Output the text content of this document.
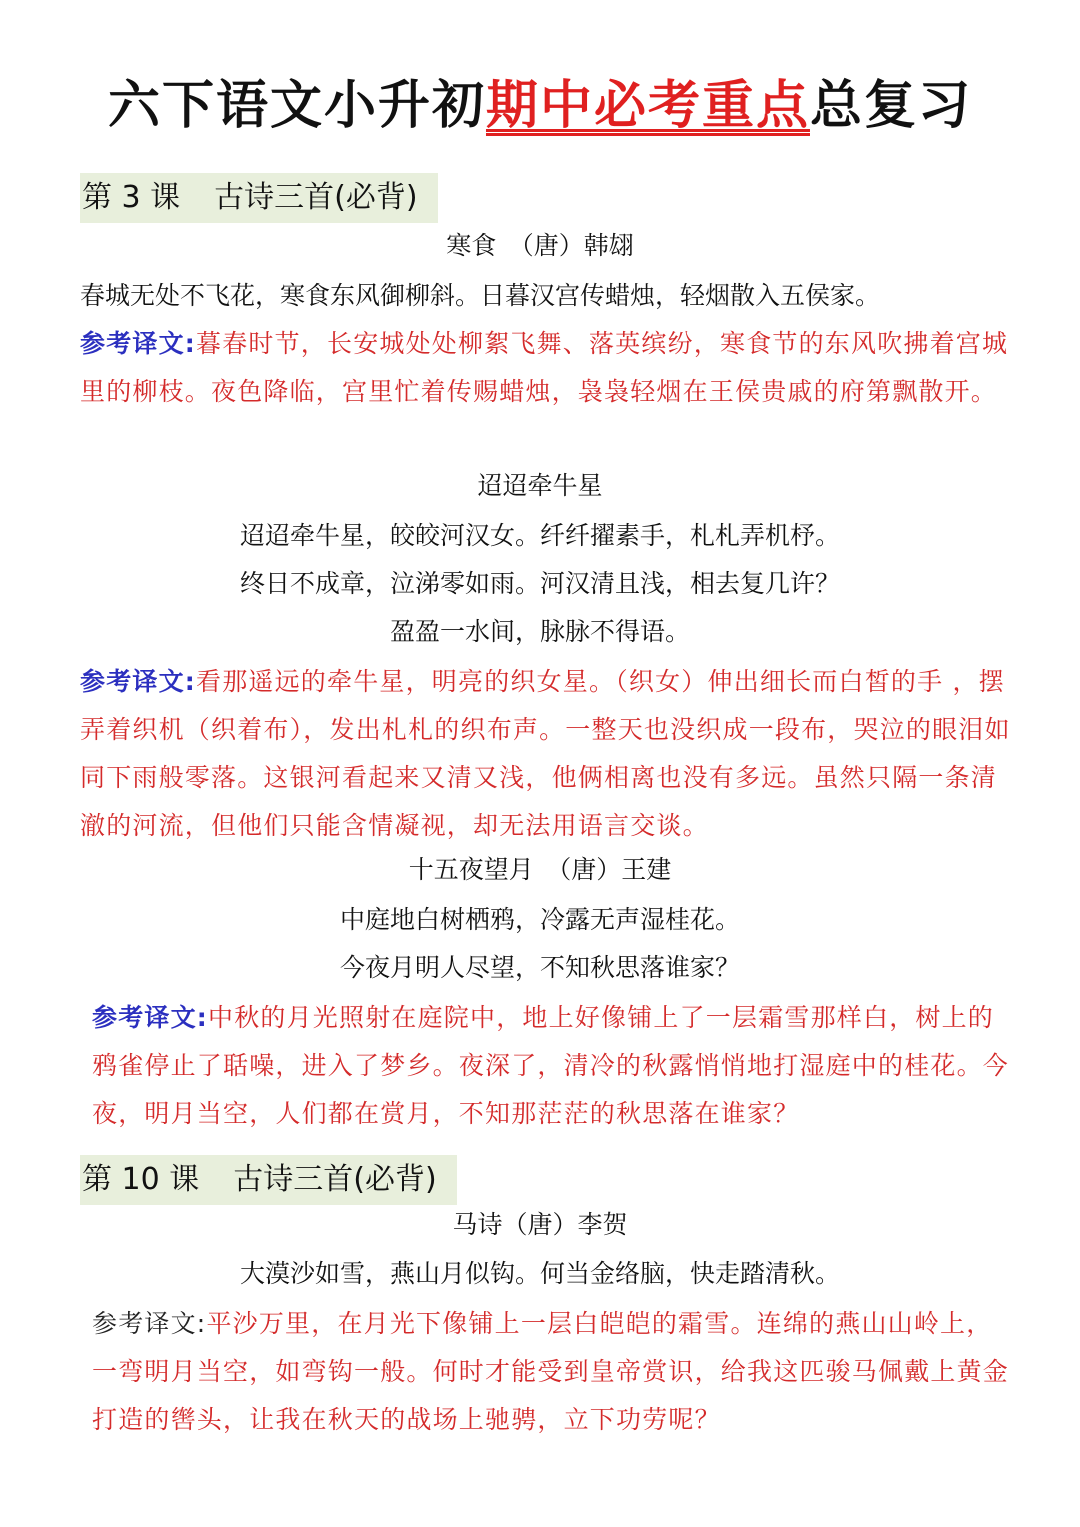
六下语文小升初期中必考重点总复习
第 3 课 古诗三首(必背)
寒食　（唐）韩翃
春城无处不飞花，寒食东风御柳斜。日暮汉宫传蜡烛，轻烟散入五侯家。
参考译文:暮春时节，长安城处处柳絮飞舞、落英缤纷，寒食节的东风吹拂着宫城里的柳枝。夜色降临，宫里忙着传赐蜡烛，袅袅轻烟在王侯贵戚的府第飘散开。
迢迢牵牛星
迢迢牵牛星，皎皎河汉女。纤纤擢素手，札札弄机杼。
终日不成章，泣涕零如雨。河汉清且浅，相去复几许？
盈盈一水间，脉脉不得语。
参考译文:看那遥远的牵牛星，明亮的织女星。（织女）伸出细长而白皙的手 ，摆弄着织机（织着布），发出札札的织布声。一整天也没织成一段布，哭泣的眼泪如同下雨般零落。这银河看起来又清又浅，他俩相离也没有多远。虽然只隔一条清澈的河流，但他们只能含情凝视，却无法用语言交谈。
十五夜望月　（唐）王建
中庭地白树栖鸦，冷露无声湿桂花。
今夜月明人尽望，不知秋思落谁家？
参考译文:中秋的月光照射在庭院中，地上好像铺上了一层霜雪那样白，树上的鸦雀停止了聒噪，进入了梦乡。夜深了，清冷的秋露悄悄地打湿庭中的桂花。今夜，明月当空，人们都在赏月，不知那茫茫的秋思落在谁家？
第 10 课 古诗三首(必背)
马诗（唐）李贺
大漠沙如雪，燕山月似钩。何当金络脑，快走踏清秋。
参考译文:平沙万里，在月光下像铺上一层白皑皑的霜雪。连绵的燕山山岭上，一弯明月当空，如弯钩一般。何时才能受到皇帝赏识，给我这匹骏马佩戴上黄金打造的辔头，让我在秋天的战场上驰骋，立下功劳呢？
